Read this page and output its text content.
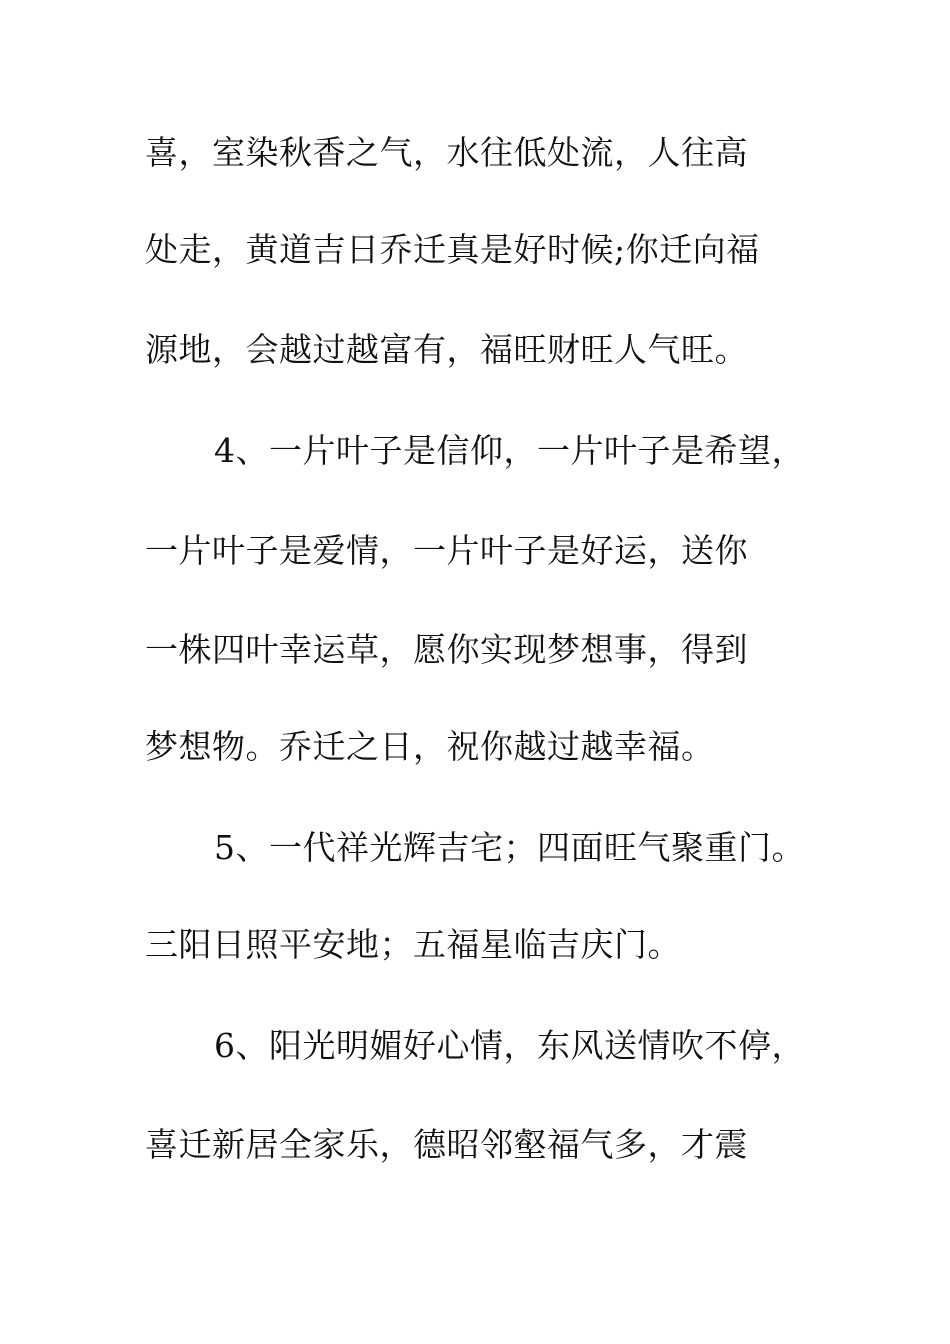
喜，室染秋香之气，水往低处流，人往高
处走，黄道吉日乔迁真是好时候;你迁向福
源地，会越过越富有，福旺财旺人气旺。
4、一片叶子是信仰，一片叶子是希望，
一片叶子是爱情，一片叶子是好运，送你
一株四叶幸运草，愿你实现梦想事，得到
梦想物。乔迁之日，祝你越过越幸福。
5、一代祥光辉吉宅；四面旺气聚重门。
三阳日照平安地；五福星临吉庆门。
6、阳光明媚好心情，东风送情吹不停，
喜迁新居全家乐，德昭邻壑福气多，才震
